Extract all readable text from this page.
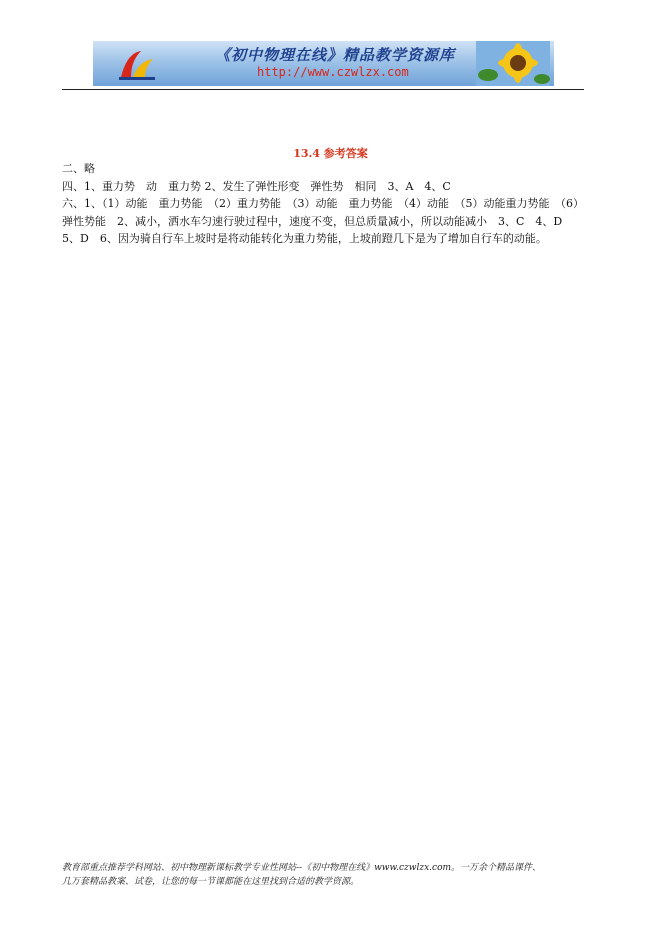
《初中物理在线》精品教学资源库
http://www.czwlzx.com
13.4 参考答案

二、略

四、1、重力势　动　重力势 2、发生了弹性形变　弹性势　相同　3、A　4、C

六、1、（1）动能　重力势能　（2）重力势能　（3）动能　重力势能　（4）动能　（5）动能重力势能　（6）弹性势能　2、减小，洒水车匀速行驶过程中，速度不变，但总质量减小，所以动能减小　3、C　4、D　5、D　6、因为骑自行车上坡时是将动能转化为重力势能，上坡前蹬几下是为了增加自行车的动能。

教育部重点推荐学科网站、初中物理新课标教学专业性网站--《初中物理在线》www.czwlzx.com。一万余个精品课件、

几万套精品教案、试卷，让您的每一节课都能在这里找到合适的教学资源。
